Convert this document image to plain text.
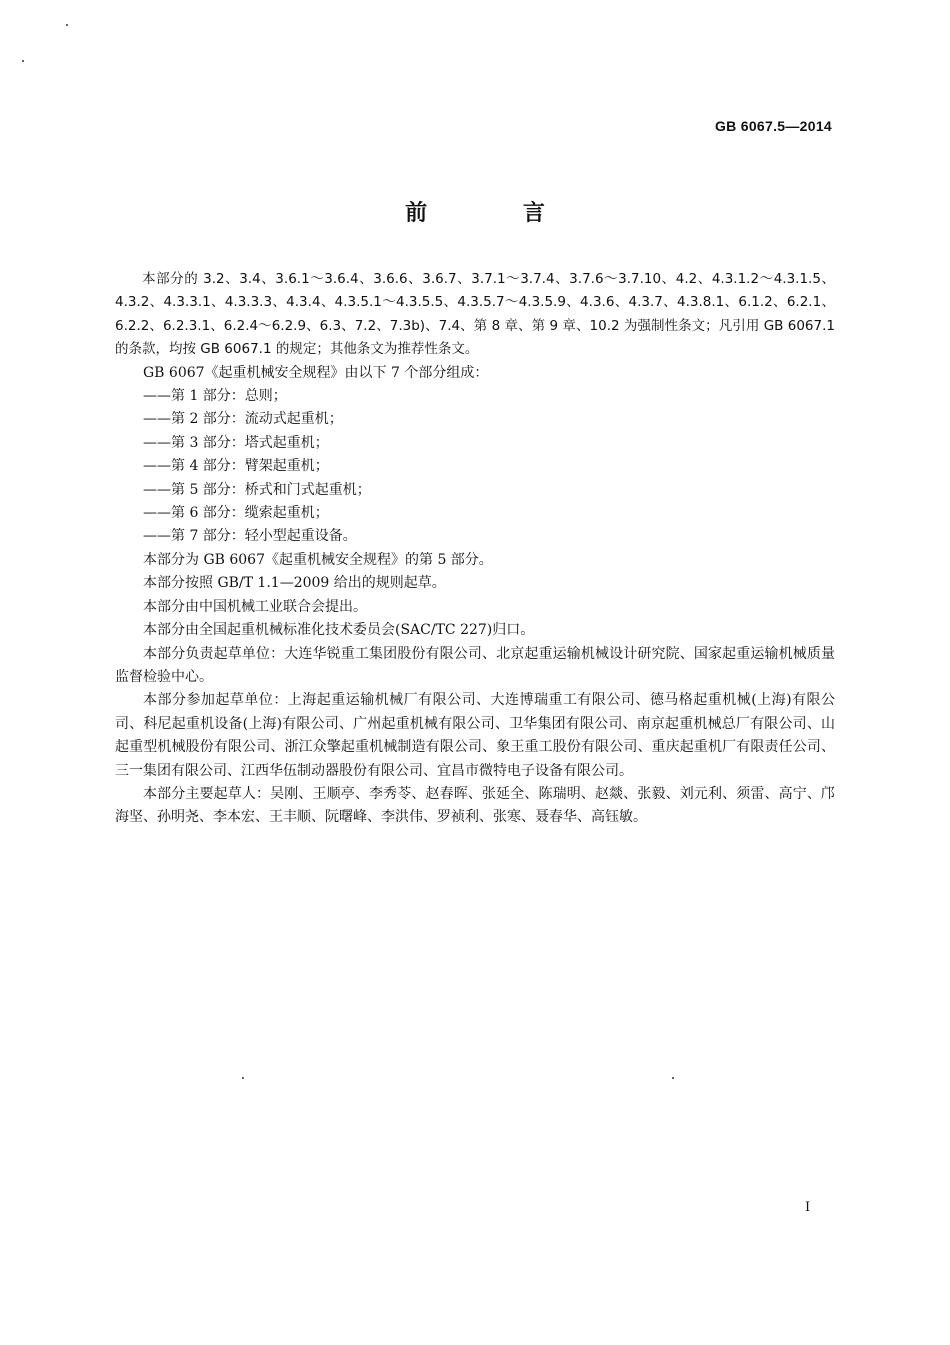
GB 6067.5—2014
前 言

本部分的 3.2、3.4、3.6.1～3.6.4、3.6.6、3.6.7、3.7.1～3.7.4、3.7.6～3.7.10、4.2、4.3.1.2～4.3.1.5、4.3.2、4.3.3.1、4.3.3.3、4.3.4、4.3.5.1～4.3.5.5、4.3.5.7～4.3.5.9、4.3.6、4.3.7、4.3.8.1、6.1.2、6.2.1、6.2.2、6.2.3.1、6.2.4～6.2.9、6.3、7.2、7.3b)、7.4、第 8 章、第 9 章、10.2 为强制性条文；凡引用 GB 6067.1 的条款，均按 GB 6067.1 的规定；其他条文为推荐性条文。

GB 6067《起重机械安全规程》由以下 7 个部分组成：

——第 1 部分：总则；
——第 2 部分：流动式起重机；
——第 3 部分：塔式起重机；
——第 4 部分：臂架起重机；
——第 5 部分：桥式和门式起重机；
——第 6 部分：缆索起重机；
——第 7 部分：轻小型起重设备。

本部分为 GB 6067《起重机械安全规程》的第 5 部分。

本部分按照 GB/T 1.1—2009 给出的规则起草。

本部分由中国机械工业联合会提出。

本部分由全国起重机械标准化技术委员会(SAC/TC 227)归口。

本部分负责起草单位：大连华锐重工集团股份有限公司、北京起重运输机械设计研究院、国家起重运输机械质量监督检验中心。

本部分参加起草单位：上海起重运输机械厂有限公司、大连博瑞重工有限公司、德马格起重机械(上海)有限公司、科尼起重机设备(上海)有限公司、广州起重机械有限公司、卫华集团有限公司、南京起重机械总厂有限公司、山起重型机械股份有限公司、浙江众擎起重机械制造有限公司、象王重工股份有限公司、重庆起重机厂有限责任公司、三一集团有限公司、江西华伍制动器股份有限公司、宜昌市微特电子设备有限公司。

本部分主要起草人：吴刚、王顺亭、李秀苓、赵春晖、张延全、陈瑞明、赵燚、张毅、刘元利、须雷、高宁、邝海坚、孙明尧、李本宏、王丰顺、阮曙峰、李洪伟、罗祯利、张寒、聂春华、高钰敏。

I
